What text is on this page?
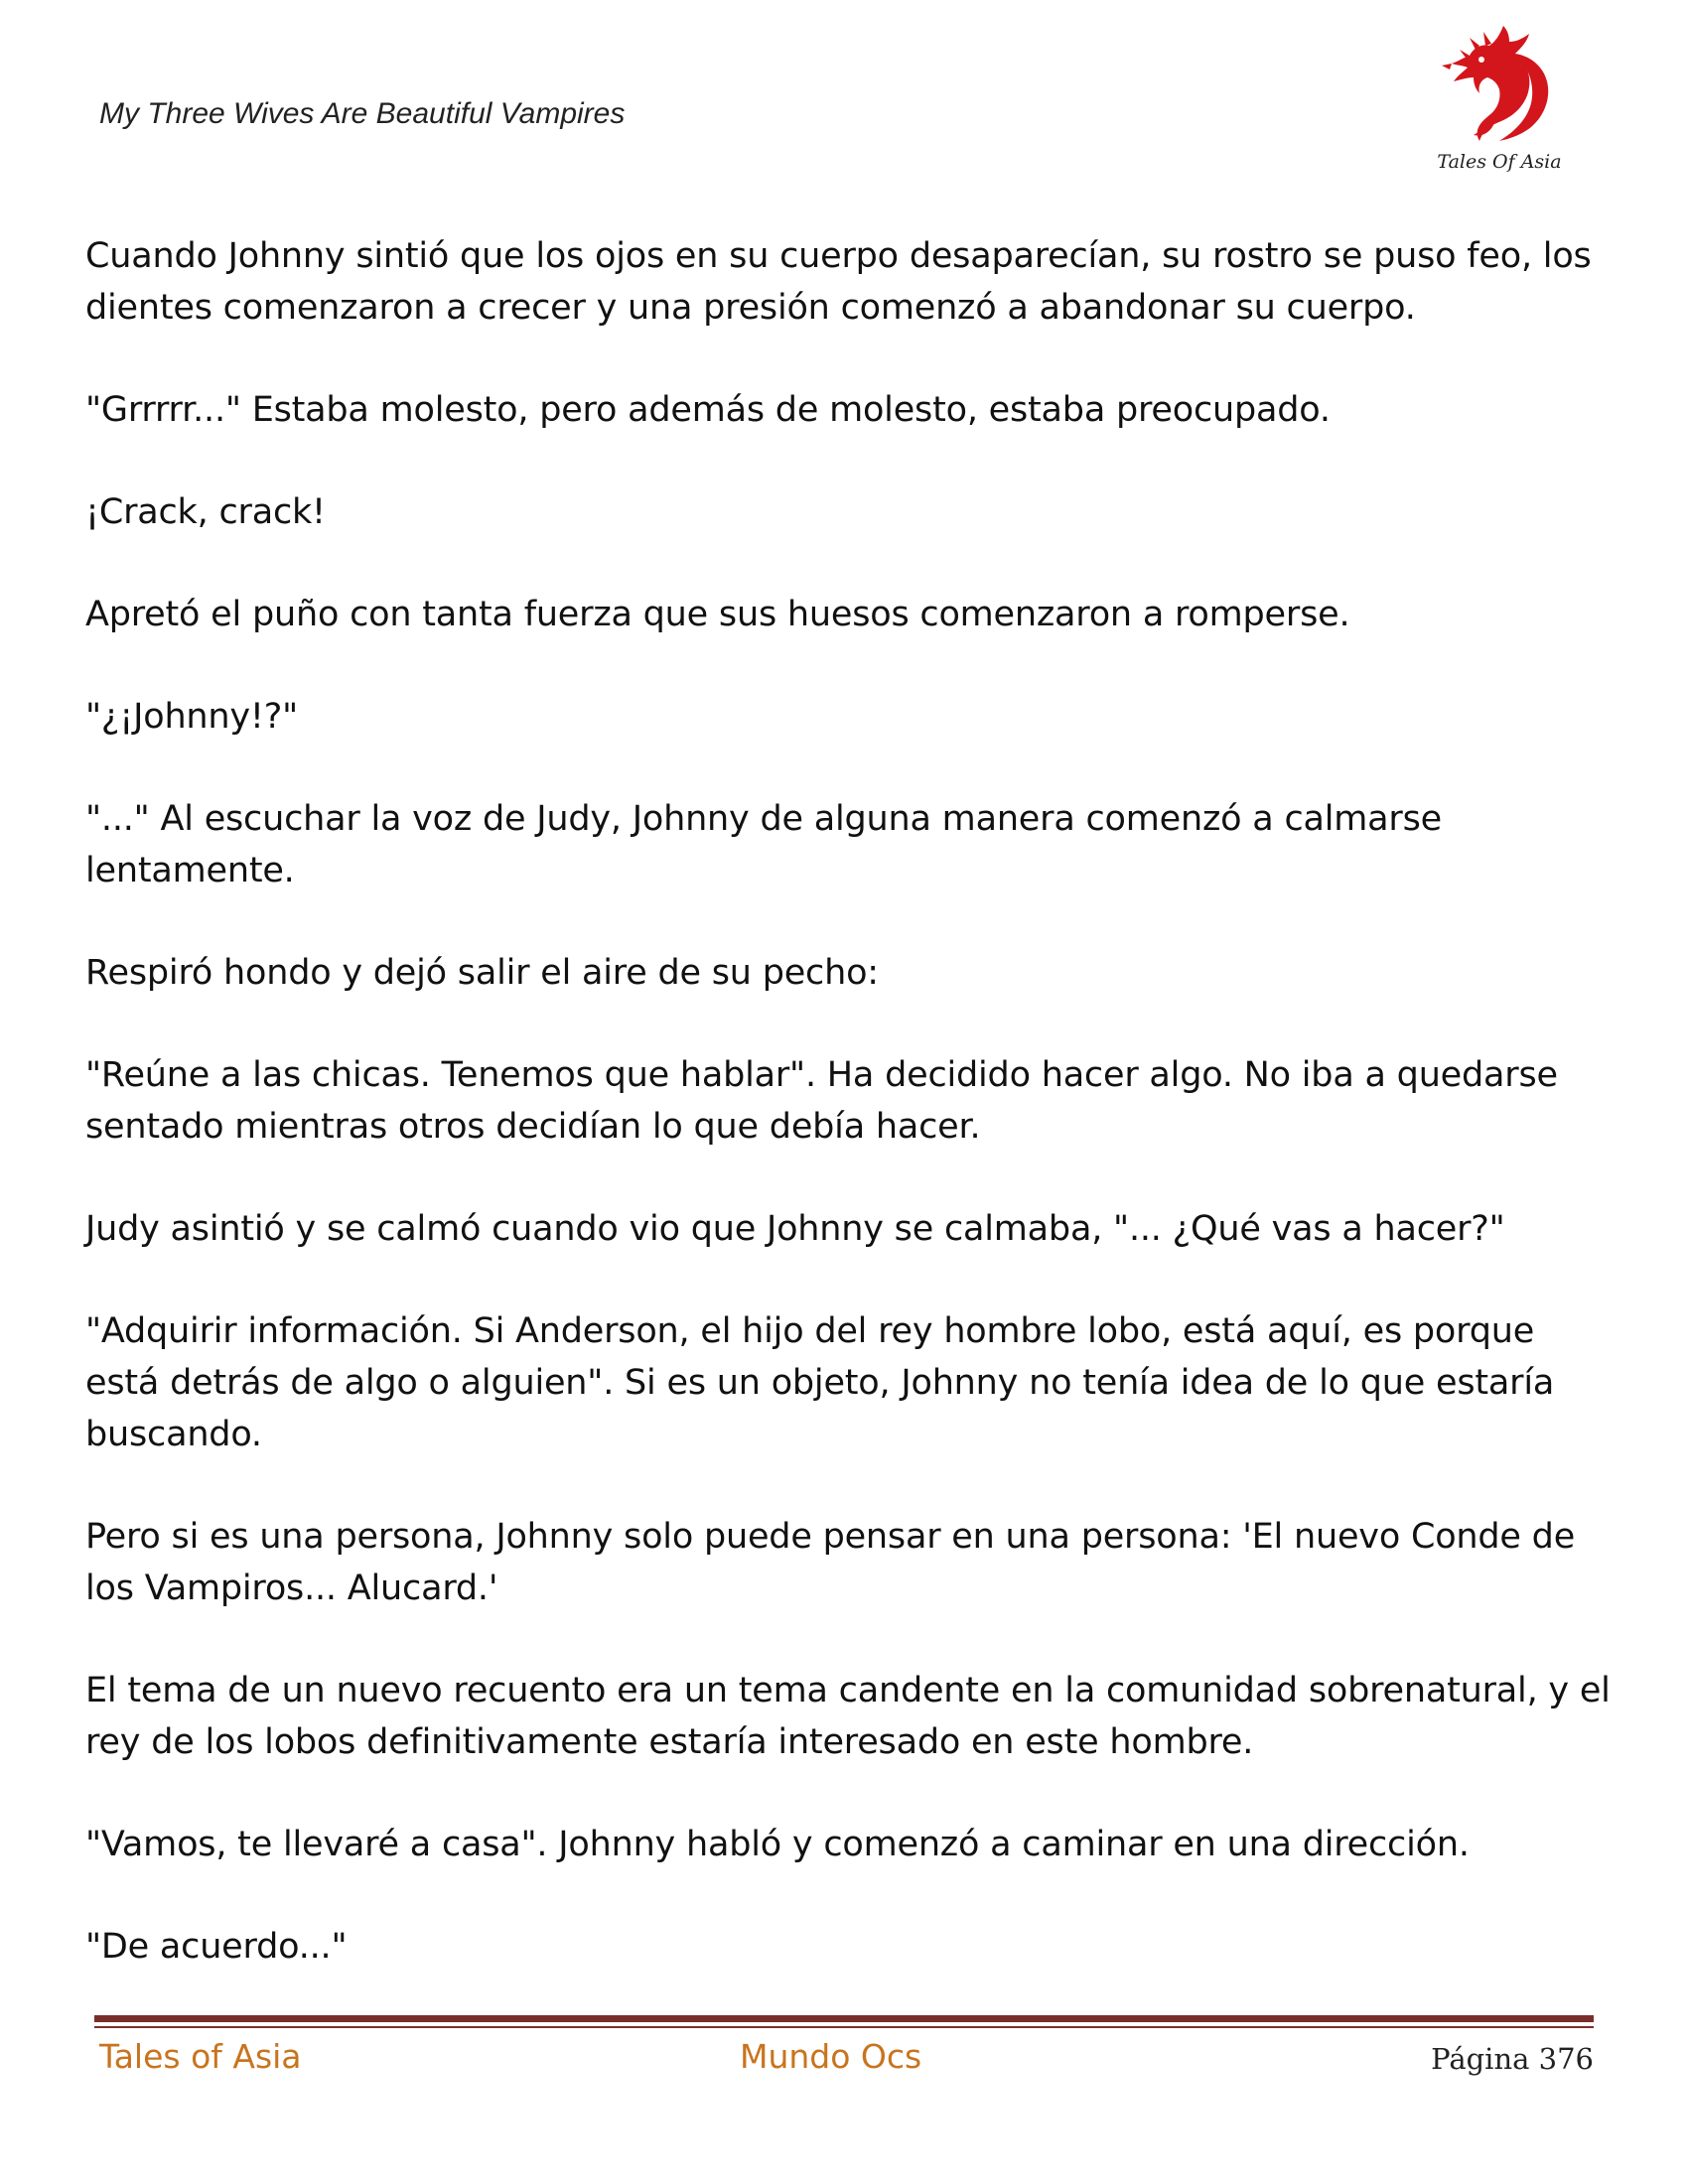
My Three Wives Are Beautiful Vampires
Tales Of Asia

Cuando Johnny sintió que los ojos en su cuerpo desaparecían, su rostro se puso feo, los dientes comenzaron a crecer y una presión comenzó a abandonar su cuerpo.

"Grrrrr..." Estaba molesto, pero además de molesto, estaba preocupado.

¡Crack, crack!

Apretó el puño con tanta fuerza que sus huesos comenzaron a romperse.

"¿¡Johnny!?"

"..." Al escuchar la voz de Judy, Johnny de alguna manera comenzó a calmarse lentamente.

Respiró hondo y dejó salir el aire de su pecho:

"Reúne a las chicas. Tenemos que hablar". Ha decidido hacer algo. No iba a quedarse sentado mientras otros decidían lo que debía hacer.

Judy asintió y se calmó cuando vio que Johnny se calmaba, "... ¿Qué vas a hacer?"

"Adquirir información. Si Anderson, el hijo del rey hombre lobo, está aquí, es porque está detrás de algo o alguien". Si es un objeto, Johnny no tenía idea de lo que estaría buscando.

Pero si es una persona, Johnny solo puede pensar en una persona: 'El nuevo Conde de los Vampiros... Alucard.'

El tema de un nuevo recuento era un tema candente en la comunidad sobrenatural, y el rey de los lobos definitivamente estaría interesado en este hombre.

"Vamos, te llevaré a casa". Johnny habló y comenzó a caminar en una dirección.

"De acuerdo..."

Tales of Asia	Mundo Ocs	Página 376
